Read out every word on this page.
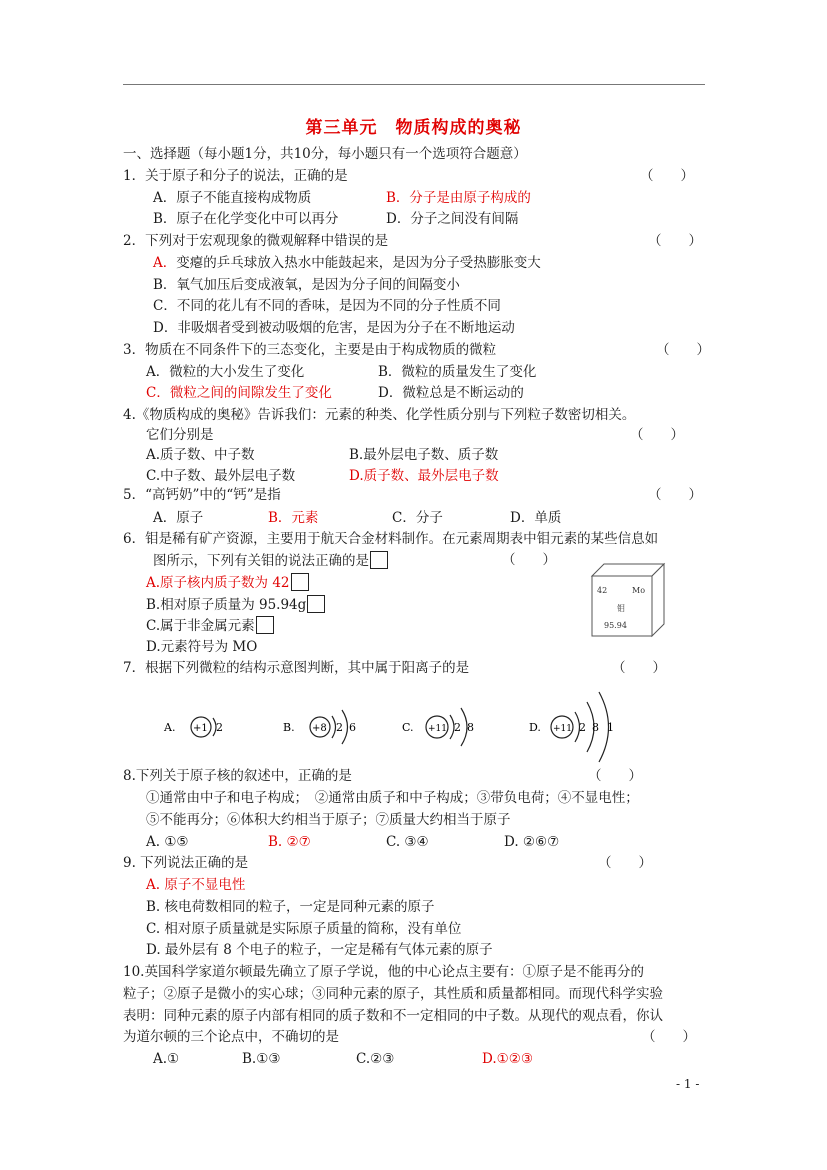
第三单元　物质构成的奥秘
一、选择题（每小题1分，共10分，每小题只有一个选项符合题意）
1．关于原子和分子的说法，正确的是	（　　）
A．原子不能直接构成物质	B．分子是由原子构成的
B．原子在化学变化中可以再分	D．分子之间没有间隔
2．下列对于宏观现象的微观解释中错误的是	（　　）
A．变瘪的乒乓球放入热水中能鼓起来，是因为分子受热膨胀变大
B．氧气加压后变成液氧，是因为分子间的间隔变小
C．不同的花儿有不同的香味，是因为不同的分子性质不同
D．非吸烟者受到被动吸烟的危害，是因为分子在不断地运动
3．物质在不同条件下的三态变化，主要是由于构成物质的微粒	（　　）
A．微粒的大小发生了变化	B．微粒的质量发生了变化
C．微粒之间的间隙发生了变化	D．微粒总是不断运动的
4.《物质构成的奥秘》告诉我们：元素的种类、化学性质分别与下列粒子数密切相关。
它们分别是	（　　）
A.质子数、中子数	B.最外层电子数、质子数
C.中子数、最外层电子数	D.质子数、最外层电子数
5．“高钙奶”中的“钙”是指	（　　）
A．原子	B．元素	C．分子	D．单质
6．钼是稀有矿产资源，主要用于航天合金材料制作。在元素周期表中钼元素的某些信息如
图所示，下列有关钼的说法正确的是	（　　）
A.原子核内质子数为 42
B.相对原子质量为 95.94g
C.属于非金属元素
D.元素符号为 MO
42	Mo
钼
95.94
7．根据下列微粒的结构示意图判断，其中属于阳离子的是	（　　）
A. +1 2	B. +8 2 6	C. +11 2 8	D. +11 2 8 1
8.下列关于原子核的叙述中，正确的是	（　　）
①通常由中子和电子构成；　②通常由质子和中子构成；③带负电荷；④不显电性；
⑤不能再分；⑥体积大约相当于原子；⑦质量大约相当于原子
A. ①⑤	B. ②⑦	C. ③④	D. ②⑥⑦
9. 下列说法正确的是	（　　）
A. 原子不显电性
B. 核电荷数相同的粒子，一定是同种元素的原子
C. 相对原子质量就是实际原子质量的简称，没有单位
D. 最外层有 8 个电子的粒子，一定是稀有气体元素的原子
10.英国科学家道尔顿最先确立了原子学说，他的中心论点主要有：①原子是不能再分的
粒子；②原子是微小的实心球；③同种元素的原子，其性质和质量都相同。而现代科学实验
表明：同种元素的原子内部有相同的质子数和不一定相同的中子数。从现代的观点看，你认
为道尔顿的三个论点中，不确切的是	（　　）
A.①	B.①③	C.②③	D.①②③
- 1 -
